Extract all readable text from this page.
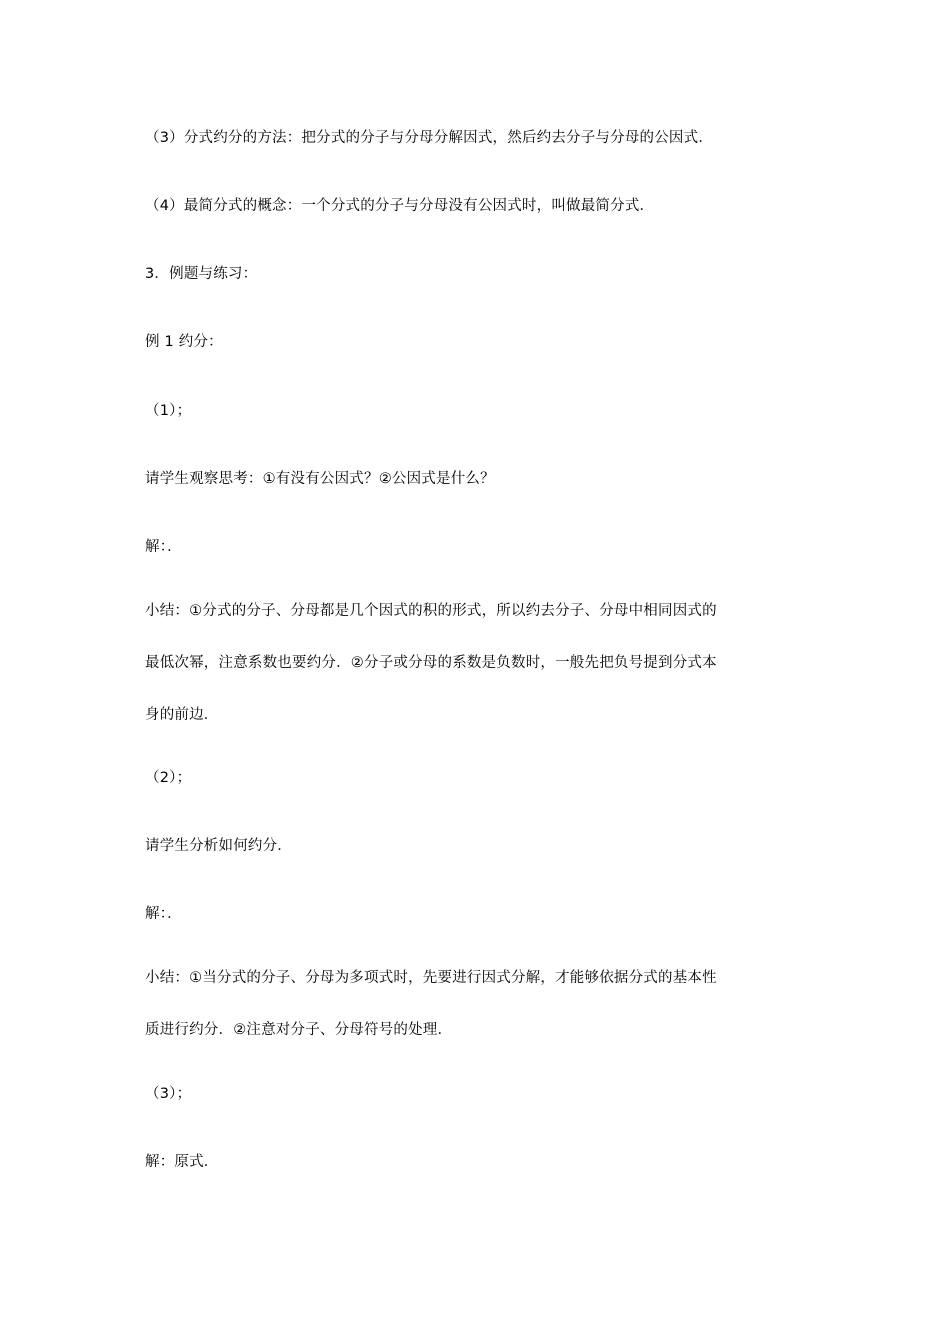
（3）分式约分的方法：把分式的分子与分母分解因式，然后约去分子与分母的公因式．
（4）最简分式的概念：一个分式的分子与分母没有公因式时，叫做最简分式．
3．例题与练习：
例 1 约分：
（1）；
请学生观察思考：①有没有公因式？②公因式是什么？
解：．
小结：①分式的分子、分母都是几个因式的积的形式，所以约去分子、分母中相同因式的
最低次幂，注意系数也要约分．②分子或分母的系数是负数时，一般先把负号提到分式本
身的前边．
（2）；
请学生分析如何约分．
解：．
小结：①当分式的分子、分母为多项式时，先要进行因式分解，才能够依据分式的基本性
质进行约分．②注意对分子、分母符号的处理．
（3）；
解：原式．
